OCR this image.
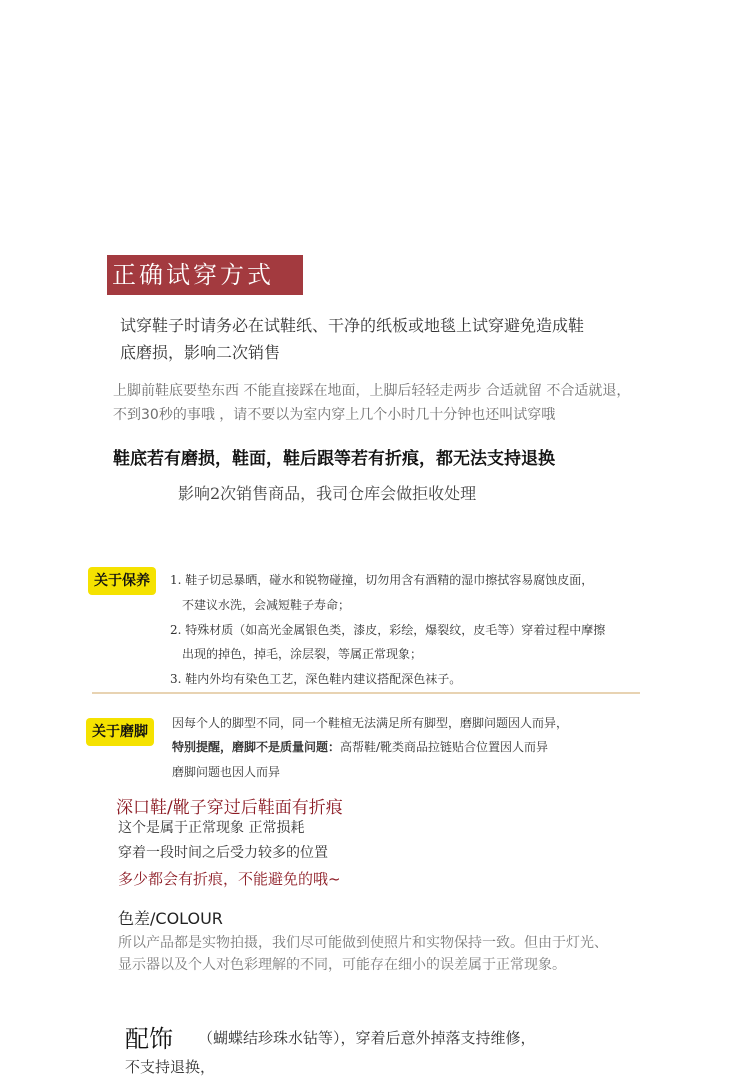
正确试穿方式
试穿鞋子时请务必在试鞋纸、干净的纸板或地毯上试穿避免造成鞋
底磨损，影响二次销售
上脚前鞋底要垫东西 不能直接踩在地面，上脚后轻轻走两步 合适就留 不合适就退，
不到30秒的事哦 ，请不要以为室内穿上几个小时几十分钟也还叫试穿哦
鞋底若有磨损，鞋面，鞋后跟等若有折痕，都无法支持退换
影响2次销售商品，我司仓库会做拒收处理
关于保养	1. 鞋子切忌暴晒，碰水和锐物碰撞，切勿用含有酒精的湿巾擦拭容易腐蚀皮面，
不建议水洗，会减短鞋子寿命；
2. 特殊材质（如高光金属银色类，漆皮，彩绘，爆裂纹，皮毛等）穿着过程中摩擦
出现的掉色，掉毛，涂层裂，等属正常现象；
3. 鞋内外均有染色工艺，深色鞋内建议搭配深色袜子。
关于磨脚
因每个人的脚型不同，同一个鞋楦无法满足所有脚型，磨脚问题因人而异，
特别提醒，磨脚不是质量问题：高帮鞋/靴类商品拉链贴合位置因人而异
磨脚问题也因人而异
深口鞋/靴子穿过后鞋面有折痕
这个是属于正常现象 正常损耗
穿着一段时间之后受力较多的位置
多少都会有折痕，不能避免的哦~
色差/COLOUR
所以产品都是实物拍摄，我们尽可能做到使照片和实物保持一致。但由于灯光、显示器以及个人对色彩理解的不同，可能存在细小的误差属于正常现象。
配饰 （蝴蝶结珍珠水钻等），穿着后意外掉落支持维修，
不支持退换，
